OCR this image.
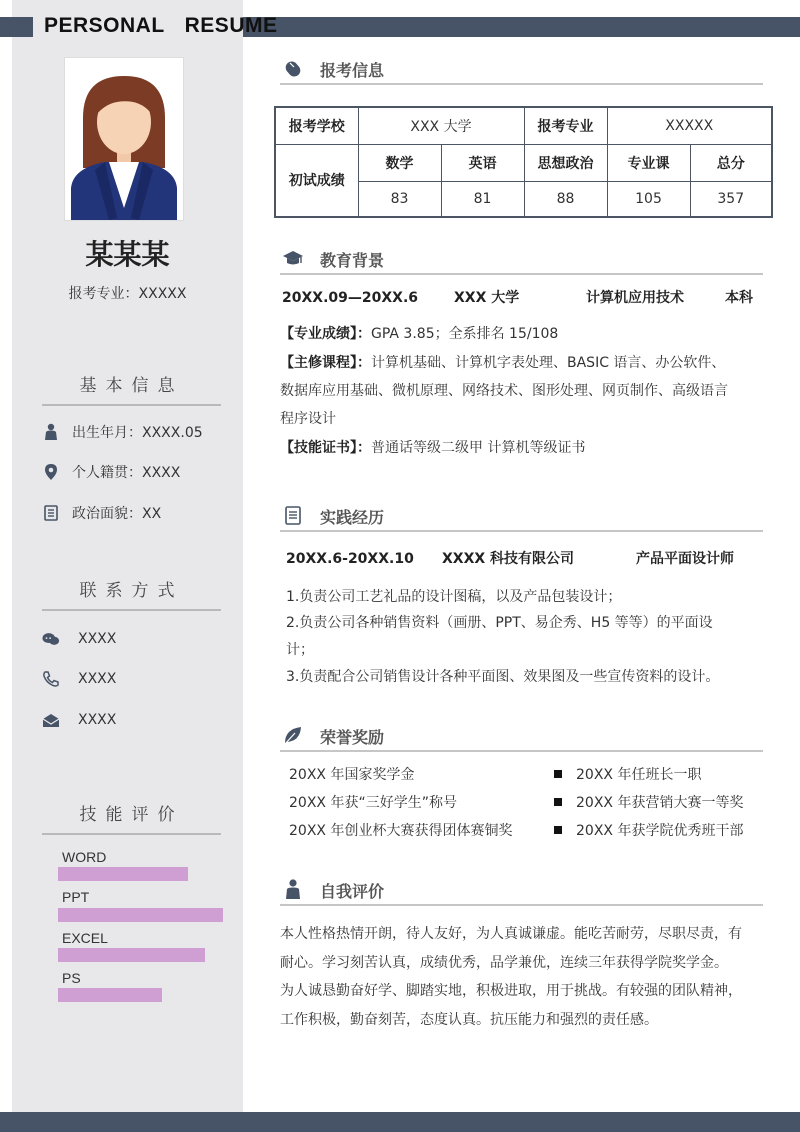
PERSONAL RESUME
某某某
报考专业：XXXXX
基本信息
出生年月：XXXX.05
个人籍贯：XXXX
政治面貌：XX
联系方式
XXXX
XXXX
XXXX
技能评价
WORD
PPT
EXCEL
PS
报考信息
报考学校	XXX 大学		报考专业	XXXXX	
初试成绩	数学	英语	思想政治	专业课	总分
	83	81	88	105	357
教育背景
20XX.09—20XX.6	XXX 大学	计算机应用技术	本科
【专业成绩】：GPA 3.85；全系排名 15/108
【主修课程】：计算机基础、计算机字表处理、BASIC 语言、办公软件、
数据库应用基础、微机原理、网络技术、图形处理、网页制作、高级语言
程序设计
【技能证书】：普通话等级二级甲 计算机等级证书
实践经历
20XX.6-20XX.10 XXXX 科技有限公司	产品平面设计师
1.负责公司工艺礼品的设计图稿，以及产品包装设计；
2.负责公司各种销售资料（画册、PPT、易企秀、H5 等等）的平面设
计；
3.负责配合公司销售设计各种平面图、效果图及一些宣传资料的设计。
荣誉奖励
20XX 年国家奖学金
20XX 年获“三好学生”称号
20XX 年创业杯大赛获得团体赛铜奖
20XX 年任班长一职
20XX 年获营销大赛一等奖
20XX 年获学院优秀班干部
自我评价
本人性格热情开朗，待人友好，为人真诚谦虚。能吃苦耐劳，尽职尽责，有
耐心。学习刻苦认真，成绩优秀，品学兼优，连续三年获得学院奖学金。
为人诚恳勤奋好学、脚踏实地，积极进取，用于挑战。有较强的团队精神，
工作积极，勤奋刻苦，态度认真。抗压能力和强烈的责任感。
